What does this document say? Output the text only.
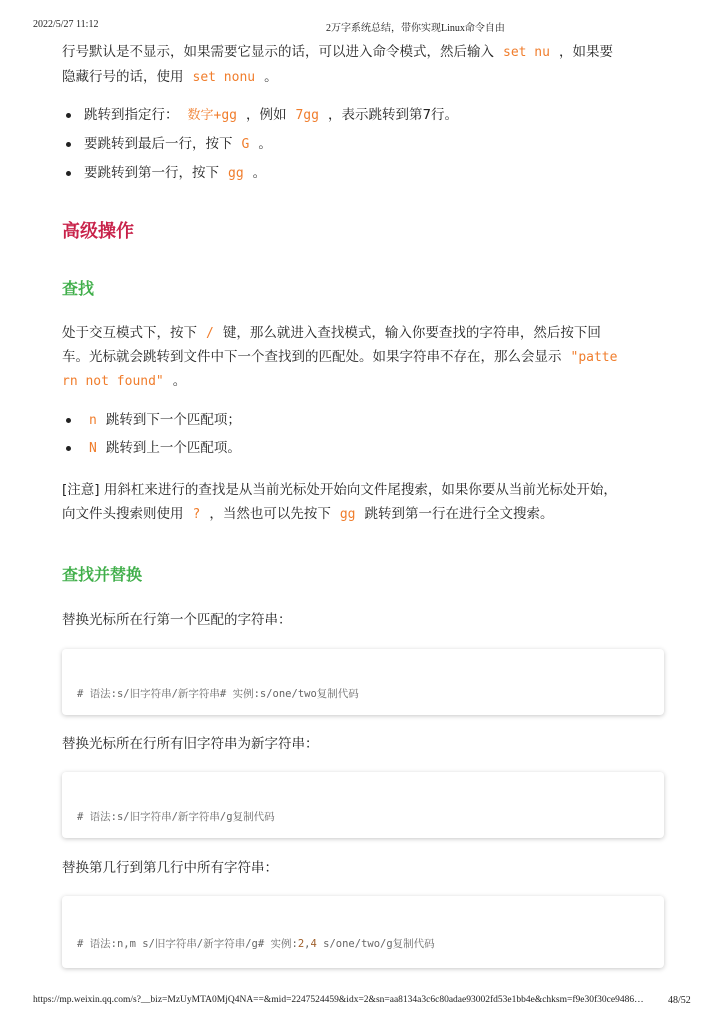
2022/5/27 11:12	2万字系统总结，带你实现Linux命令自由
行号默认是不显示，如果需要它显示的话，可以进入命令模式，然后输入 set nu ，如果要
隐藏行号的话，使用 set nonu 。
跳转到指定行： 数字+gg ，例如 7gg ，表示跳转到第7行。
要跳转到最后一行，按下 G 。
要跳转到第一行，按下 gg 。
高级操作
查找
处于交互模式下，按下 / 键，那么就进入查找模式，输入你要查找的字符串，然后按下回
车。光标就会跳转到文件中下一个查找到的匹配处。如果字符串不存在，那么会显示 "patte
rn not found" 。
n 跳转到下一个匹配项；
N 跳转到上一个匹配项。
[注意] 用斜杠来进行的查找是从当前光标处开始向文件尾搜索，如果你要从当前光标处开始，
向文件头搜索则使用 ? ，当然也可以先按下 gg 跳转到第一行在进行全文搜索。
查找并替换
替换光标所在行第一个匹配的字符串：
# 语法:s/旧字符串/新字符串# 实例:s/one/two复制代码
替换光标所在行所有旧字符串为新字符串：
# 语法:s/旧字符串/新字符串/g复制代码
替换第几行到第几行中所有字符串：
# 语法:n,m s/旧字符串/新字符串/g# 实例:2,4 s/one/two/g复制代码
https://mp.weixin.qq.com/s?__biz=MzUyMTA0MjQ4NA==&mid=2247524459&idx=2&sn=aa8134a3c6c80adae93002fd53e1bb4e&chksm=f9e30f30ce9486…	48/52
